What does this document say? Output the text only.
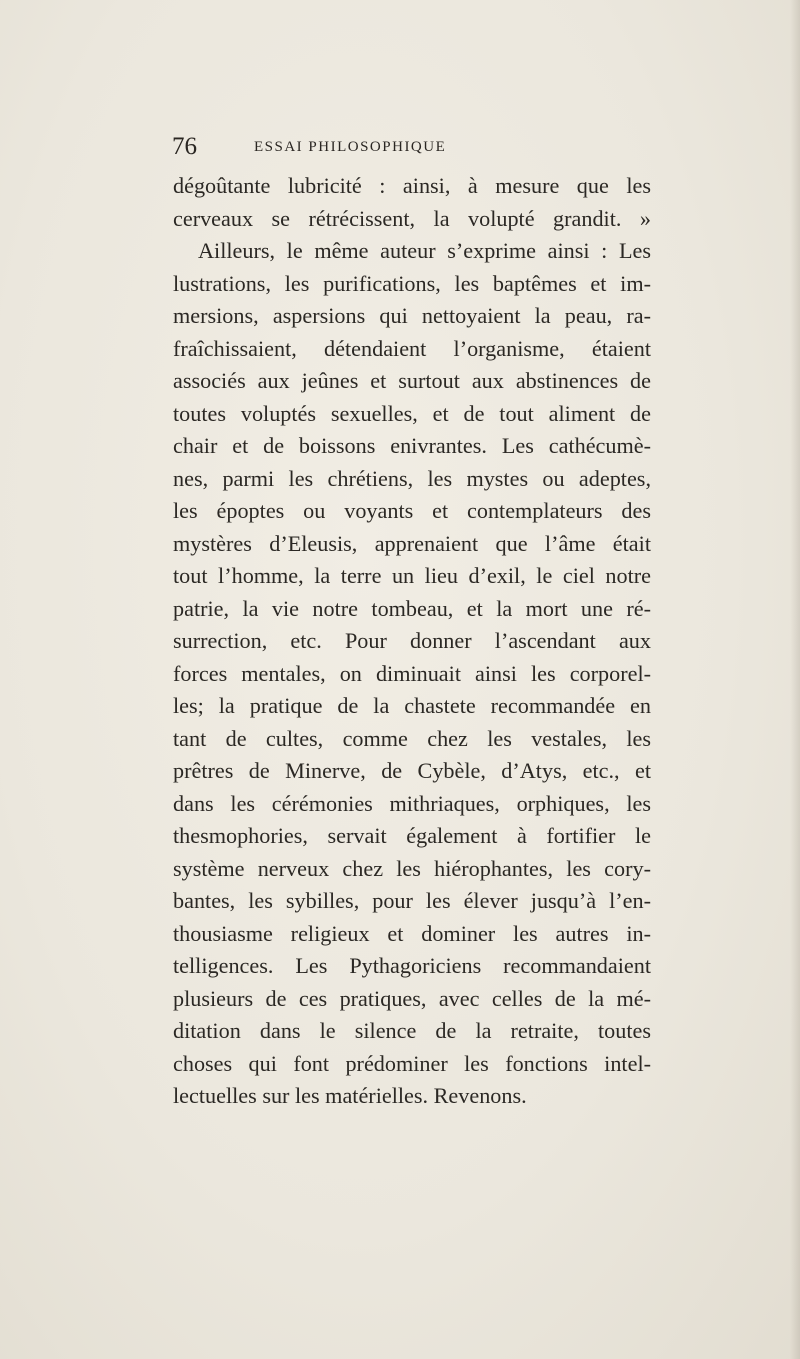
76	ESSAI PHILOSOPHIQUE
dégoûtante lubricité : ainsi, à mesure que les
cerveaux se rétrécissent, la volupté grandit. »
Ailleurs, le même auteur s’exprime ainsi : Les
lustrations, les purifications, les baptêmes et im-
mersions, aspersions qui nettoyaient la peau, ra-
fraîchissaient, détendaient l’organisme, étaient
associés aux jeûnes et surtout aux abstinences de
toutes voluptés sexuelles, et de tout aliment de
chair et de boissons enivrantes. Les cathécumè-
nes, parmi les chrétiens, les mystes ou adeptes,
les époptes ou voyants et contemplateurs des
mystères d’Eleusis, apprenaient que l’âme était
tout l’homme, la terre un lieu d’exil, le ciel notre
patrie, la vie notre tombeau, et la mort une ré-
surrection, etc. Pour donner l’ascendant aux
forces mentales, on diminuait ainsi les corporel-
les; la pratique de la chastete recommandée en
tant de cultes, comme chez les vestales, les
prêtres de Minerve, de Cybèle, d’Atys, etc., et
dans les cérémonies mithriaques, orphiques, les
thesmophories, servait également à fortifier le
système nerveux chez les hiérophantes, les cory-
bantes, les sybilles, pour les élever jusqu’à l’en-
thousiasme religieux et dominer les autres in-
telligences. Les Pythagoriciens recommandaient
plusieurs de ces pratiques, avec celles de la mé-
ditation dans le silence de la retraite, toutes
choses qui font prédominer les fonctions intel-
lectuelles sur les matérielles. Revenons.
